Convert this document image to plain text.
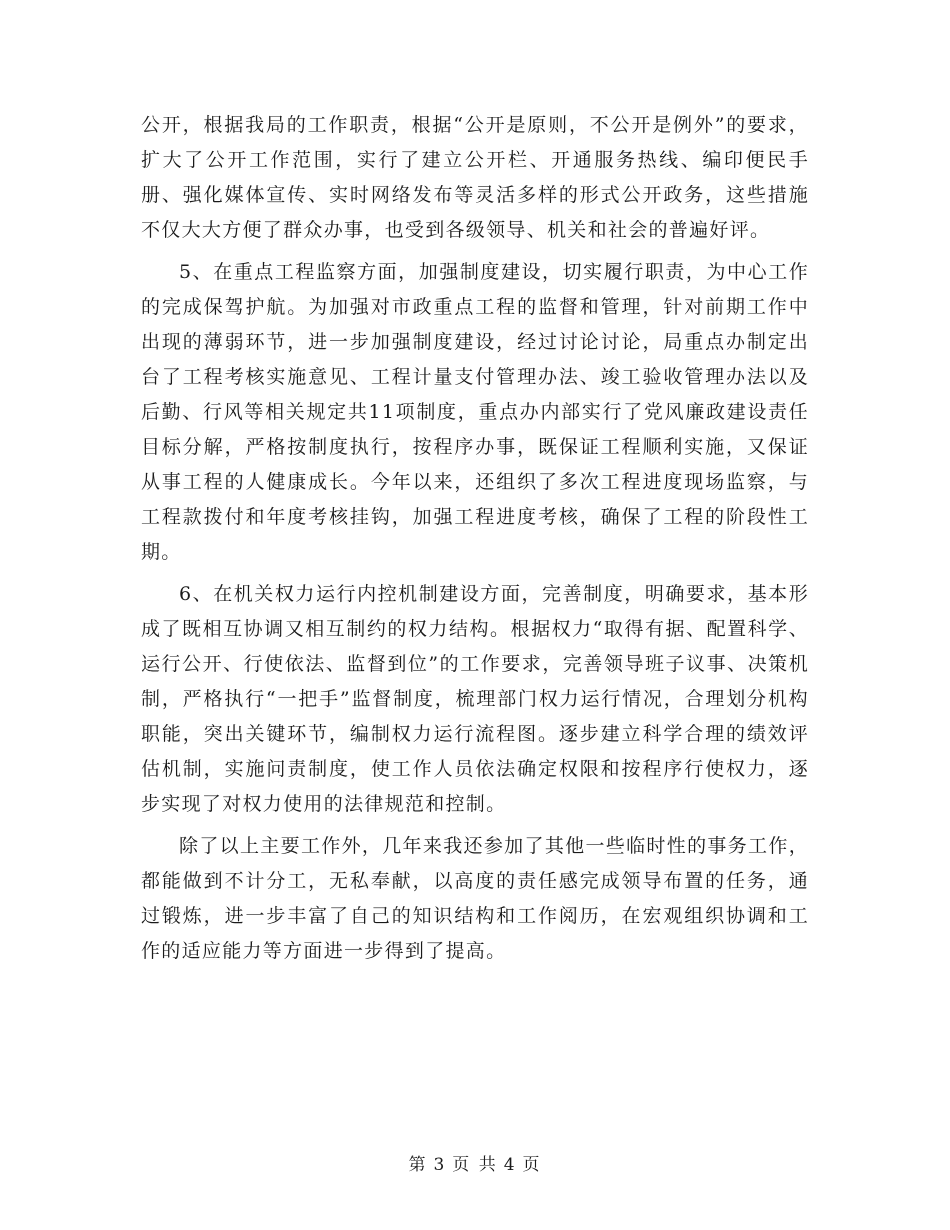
公开，根据我局的工作职责，根据“公开是原则，不公开是例外”的要求，扩大了公开工作范围，实行了建立公开栏、开通服务热线、编印便民手册、强化媒体宣传、实时网络发布等灵活多样的形式公开政务，这些措施不仅大大方便了群众办事，也受到各级领导、机关和社会的普遍好评。

5、在重点工程监察方面，加强制度建设，切实履行职责，为中心工作的完成保驾护航。为加强对市政重点工程的监督和管理，针对前期工作中出现的薄弱环节，进一步加强制度建设，经过讨论讨论，局重点办制定出台了工程考核实施意见、工程计量支付管理办法、竣工验收管理办法以及后勤、行风等相关规定共11项制度，重点办内部实行了党风廉政建设责任目标分解，严格按制度执行，按程序办事，既保证工程顺利实施，又保证从事工程的人健康成长。今年以来，还组织了多次工程进度现场监察，与工程款拨付和年度考核挂钩，加强工程进度考核，确保了工程的阶段性工期。

6、在机关权力运行内控机制建设方面，完善制度，明确要求，基本形成了既相互协调又相互制约的权力结构。根据权力“取得有据、配置科学、运行公开、行使依法、监督到位”的工作要求，完善领导班子议事、决策机制，严格执行“一把手”监督制度，梳理部门权力运行情况，合理划分机构职能，突出关键环节，编制权力运行流程图。逐步建立科学合理的绩效评估机制，实施问责制度，使工作人员依法确定权限和按程序行使权力，逐步实现了对权力使用的法律规范和控制。

除了以上主要工作外，几年来我还参加了其他一些临时性的事务工作，都能做到不计分工，无私奉献，以高度的责任感完成领导布置的任务，通过锻炼，进一步丰富了自己的知识结构和工作阅历，在宏观组织协调和工作的适应能力等方面进一步得到了提高。

第 3 页 共 4 页
